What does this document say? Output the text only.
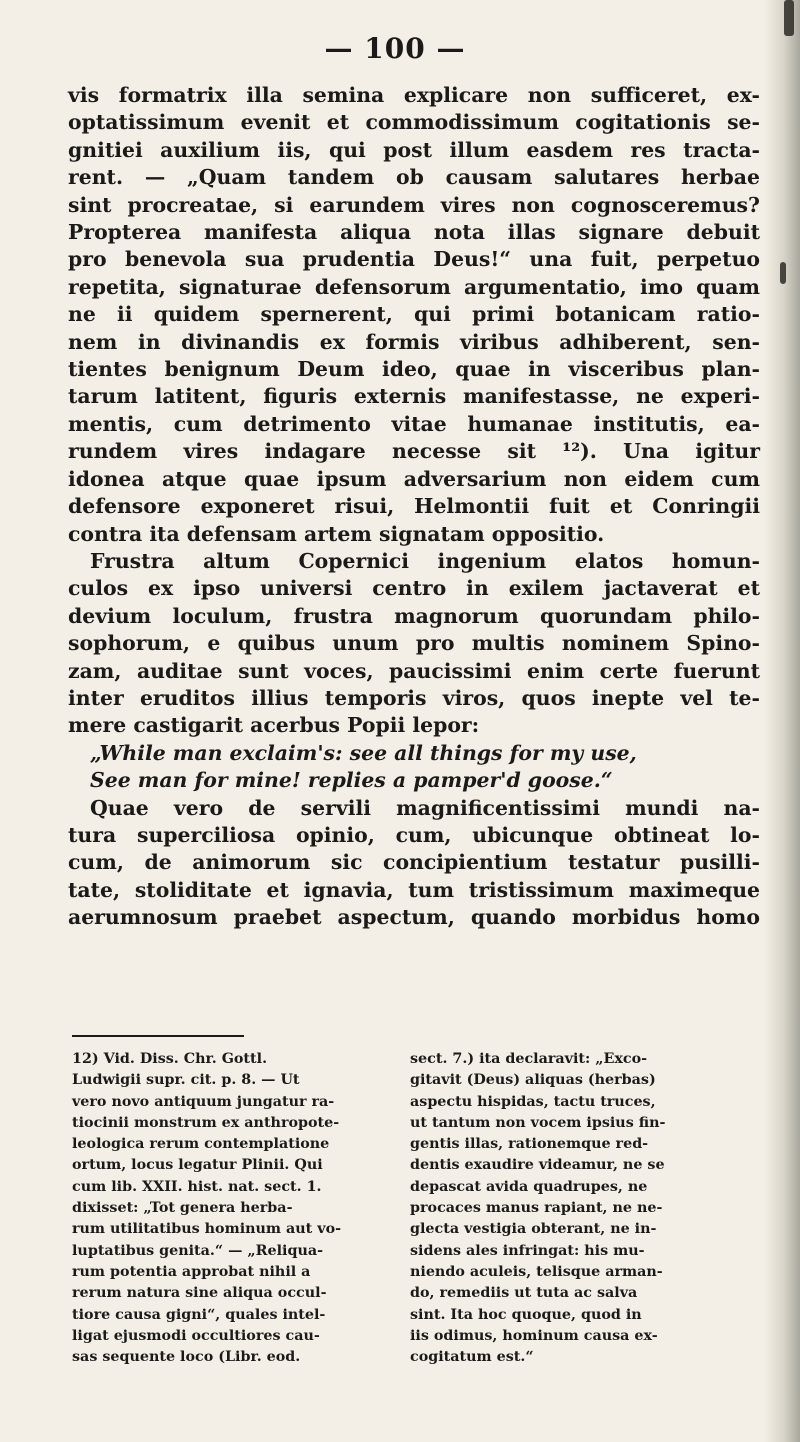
— 100 —
vis formatrix illa semina explicare non sufficeret, ex-
optatissimum evenit et commodissimum cogitationis se-
gnitiei auxilium iis, qui post illum easdem res tracta-
rent. — „Quam tandem ob causam salutares herbae
sint procreatae, si earundem vires non cognosceremus?
Propterea manifesta aliqua nota illas signare debuit
pro benevola sua prudentia Deus!“ una fuit, perpetuo
repetita, signaturae defensorum argumentatio, imo quam
ne ii quidem spernerent, qui primi botanicam ratio-
nem in divinandis ex formis viribus adhiberent, sen-
tientes benignum Deum ideo, quae in visceribus plan-
tarum latitent, figuris externis manifestasse, ne experi-
mentis, cum detrimento vitae humanae institutis, ea-
rundem vires indagare necesse sit ¹²). Una igitur
idonea atque quae ipsum adversarium non eidem cum
defensore exponeret risui, Helmontii fuit et Conringii
contra ita defensam artem signatam oppositio.
Frustra altum Copernici ingenium elatos homun-
culos ex ipso universi centro in exilem jactaverat et
devium loculum, frustra magnorum quorundam philo-
sophorum, e quibus unum pro multis nominem Spino-
zam, auditae sunt voces, paucissimi enim certe fuerunt
inter eruditos illius temporis viros, quos inepte vel te-
mere castigarit acerbus Popii lepor:
„While man exclaim's: see all things for my use,
See man for mine! replies a pamper'd goose.“
Quae vero de servili magnificentissimi mundi na-
tura superciliosa opinio, cum, ubicunque obtineat lo-
cum, de animorum sic concipientium testatur pusilli-
tate, stoliditate et ignavia, tum tristissimum maximeque
aerumnosum praebet aspectum, quando morbidus homo
12) Vid. Diss. Chr. Gottl.
Ludwigii supr. cit. p. 8. — Ut
vero novo antiquum jungatur ra-
tiocinii monstrum ex anthropote-
leologica rerum contemplatione
ortum, locus legatur Plinii. Qui
cum lib. XXII. hist. nat. sect. 1.
dixisset: „Tot genera herba-
rum utilitatibus hominum aut vo-
luptatibus genita.“ — „Reliqua-
rum potentia approbat nihil a
rerum natura sine aliqua occul-
tiore causa gigni“, quales intel-
ligat ejusmodi occultiores cau-
sas sequente loco (Libr. eod.
sect. 7.) ita declaravit: „Exco-
gitavit (Deus) aliquas (herbas)
aspectu hispidas, tactu truces,
ut tantum non vocem ipsius fin-
gentis illas, rationemque red-
dentis exaudire videamur, ne se
depascat avida quadrupes, ne
procaces manus rapiant, ne ne-
glecta vestigia obterant, ne in-
sidens ales infringat: his mu-
niendo aculeis, telisque arman-
do, remediis ut tuta ac salva
sint. Ita hoc quoque, quod in
iis odimus, hominum causa ex-
cogitatum est.“
